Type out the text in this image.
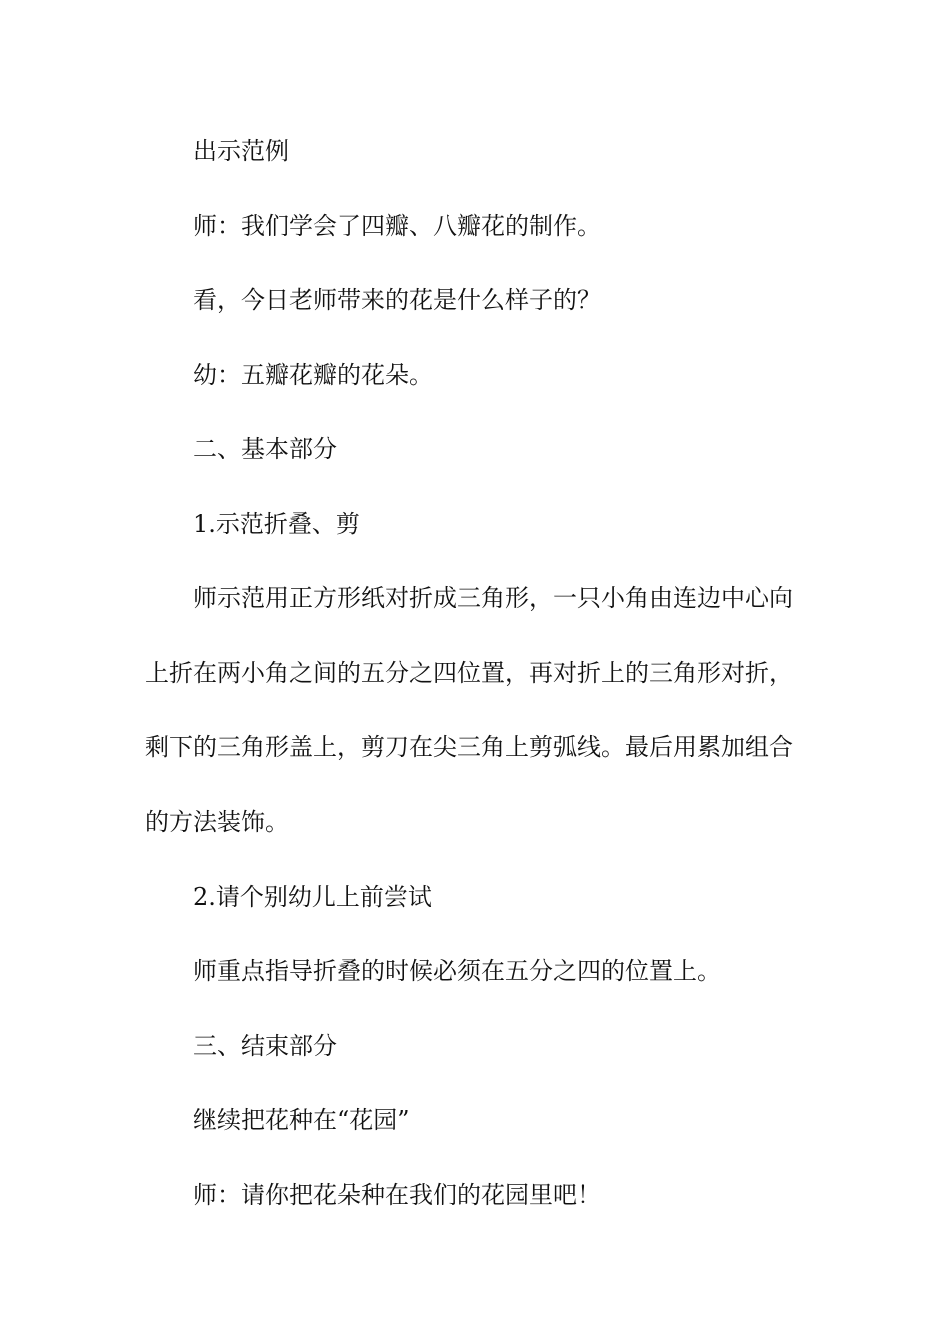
出示范例

师：我们学会了四瓣、八瓣花的制作。

看，今日老师带来的花是什么样子的？

幼：五瓣花瓣的花朵。

二、基本部分

1.示范折叠、剪

师示范用正方形纸对折成三角形，一只小角由连边中心向上折在两小角之间的五分之四位置，再对折上的三角形对折，剩下的三角形盖上，剪刀在尖三角上剪弧线。最后用累加组合的方法装饰。

2.请个别幼儿上前尝试

师重点指导折叠的时候必须在五分之四的位置上。

三、结束部分

继续把花种在“花园”

师：请你把花朵种在我们的花园里吧！
